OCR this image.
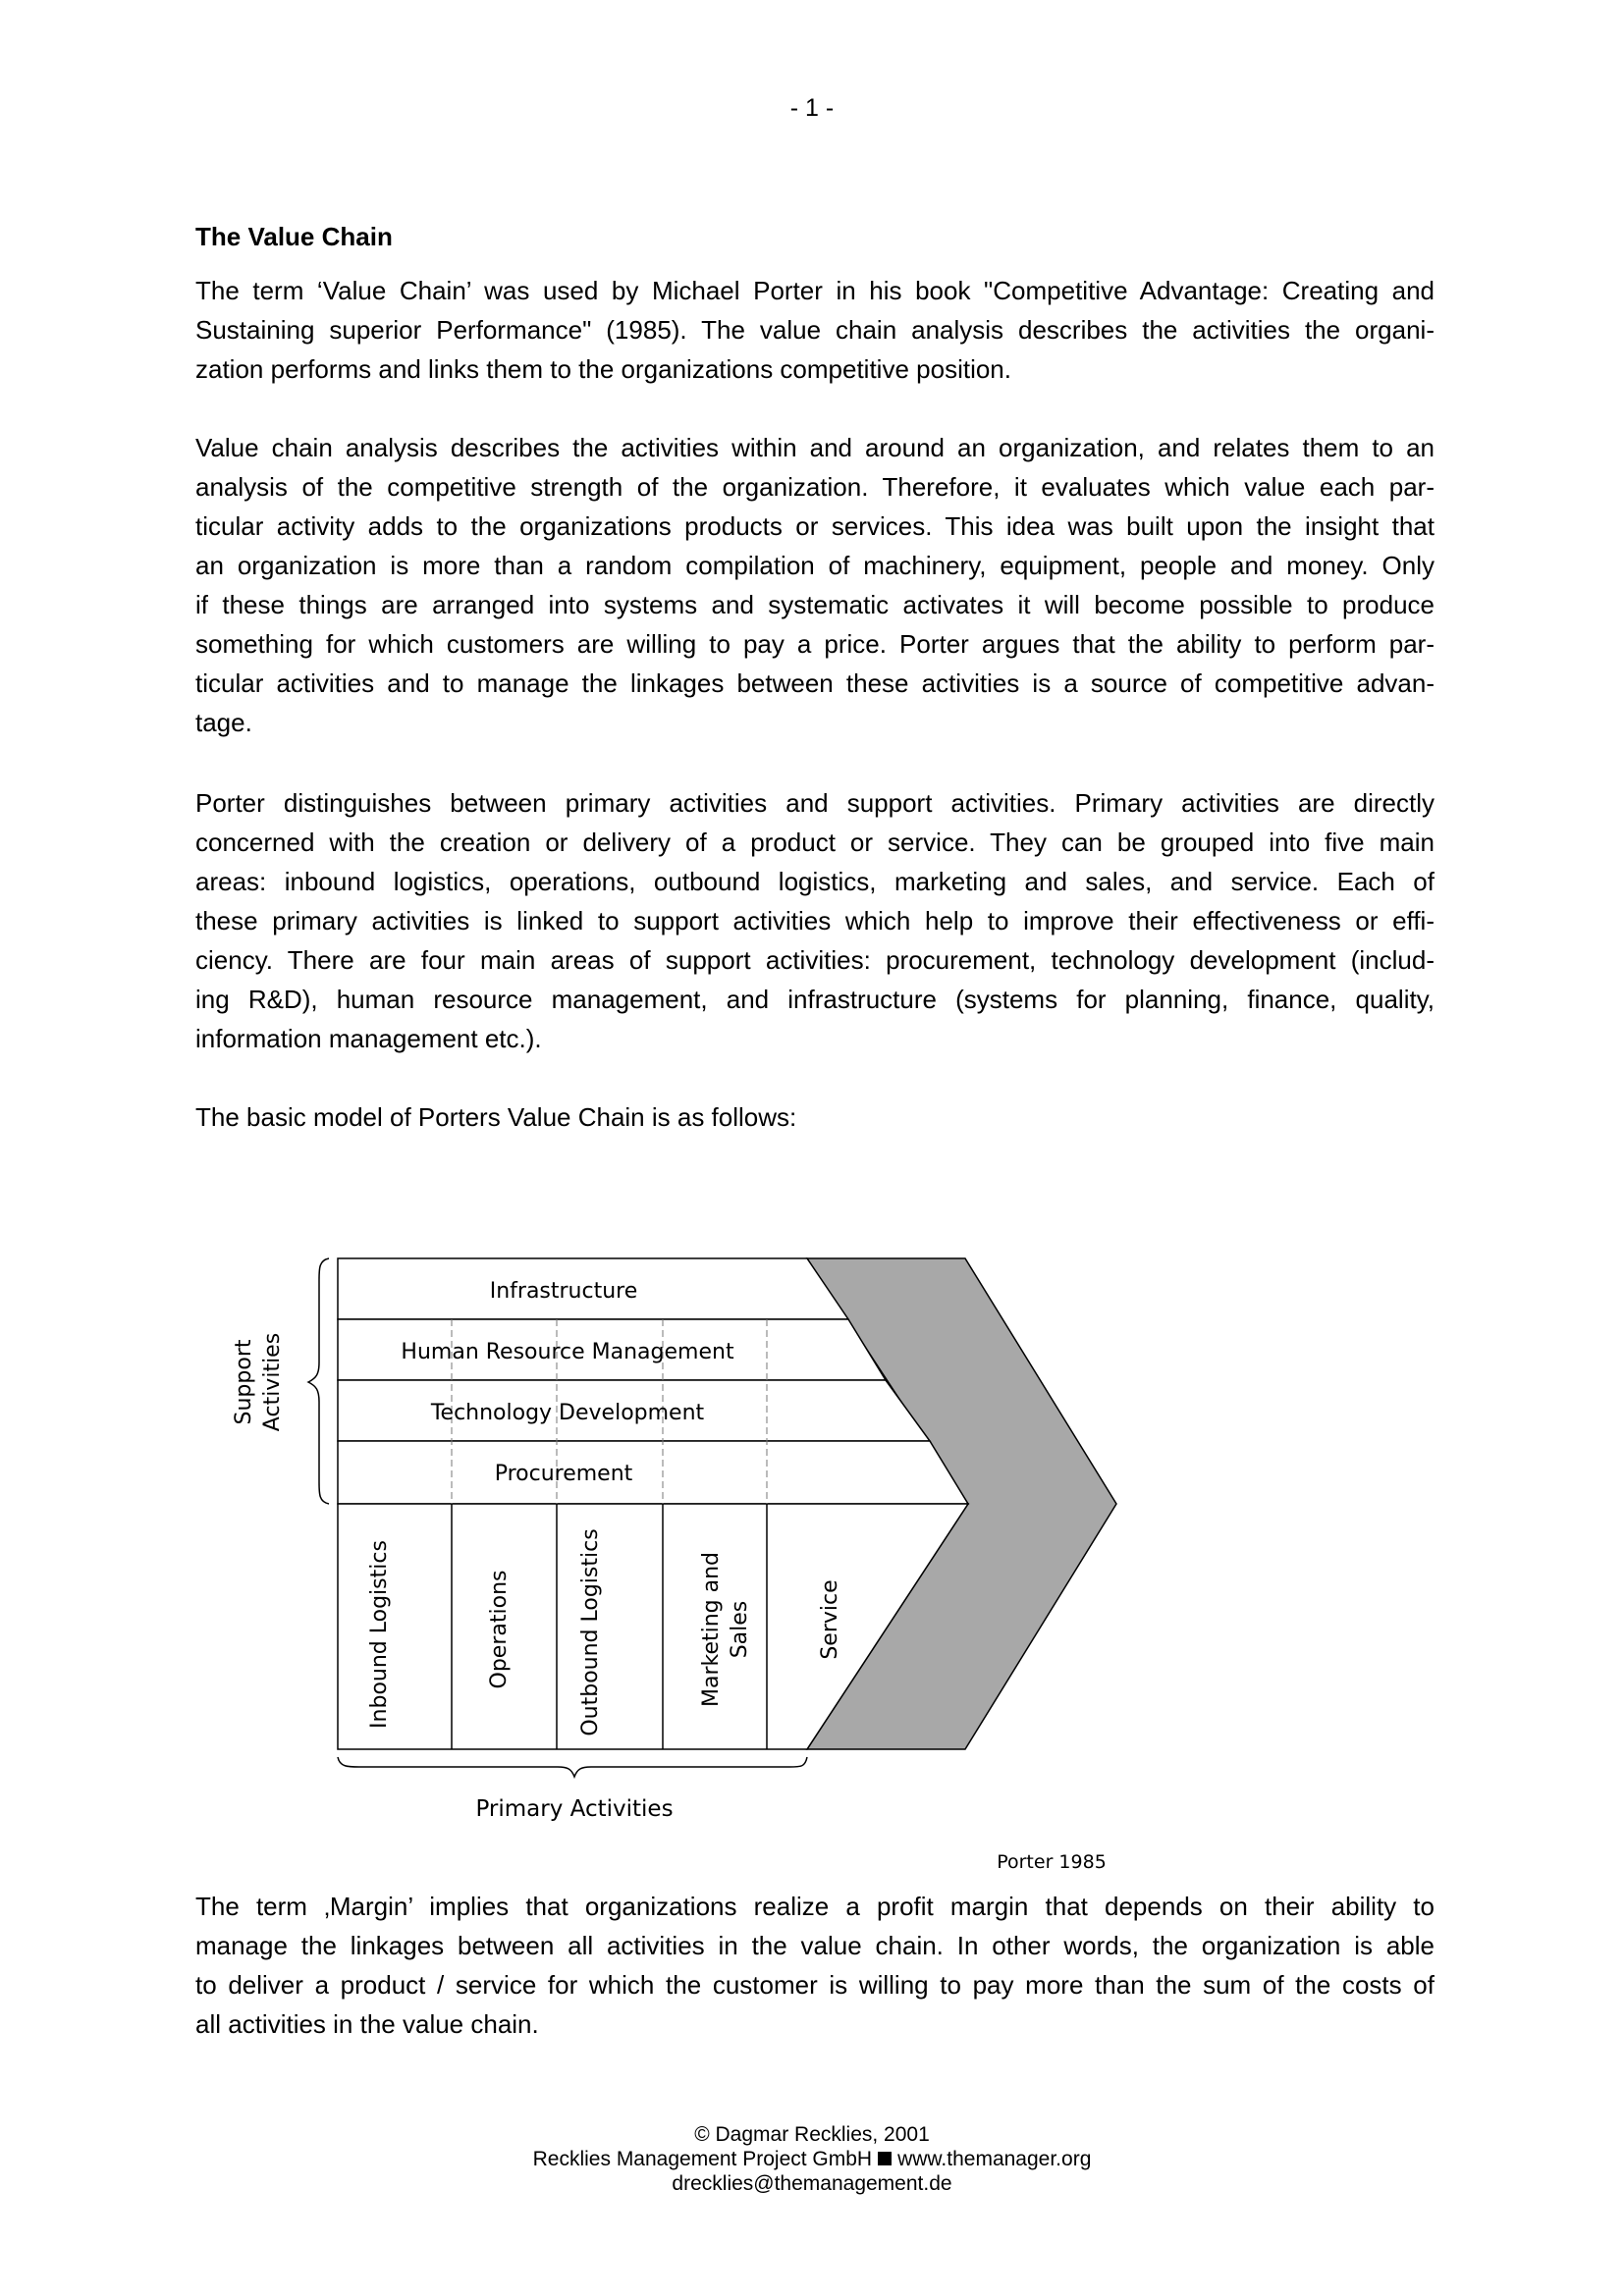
- 1 -
The Value Chain

The term ‘Value Chain’ was used by Michael Porter in his book "Competitive Advantage: Creating and
Sustaining superior Performance" (1985). The value chain analysis describes the activities the organi-
zation performs and links them to the organizations competitive position.

Value chain analysis describes the activities within and around an organization, and relates them to an
analysis of the competitive strength of the organization. Therefore, it evaluates which value each par-
ticular activity adds to the organizations products or services. This idea was built upon the insight that
an organization is more than a random compilation of machinery, equipment, people and money. Only
if these things are arranged into systems and systematic activates it will become possible to produce
something for which customers are willing to pay a price. Porter argues that the ability to perform par-
ticular activities and to manage the linkages between these activities is a source of competitive advan-
tage.

Porter distinguishes between primary activities and support activities. Primary activities are directly
concerned with the creation or delivery of a product or service. They can be grouped into five main
areas: inbound logistics, operations, outbound logistics, marketing and sales, and service. Each of
these primary activities is linked to support activities which help to improve their effectiveness or effi-
ciency. There are four main areas of support activities: procurement, technology development (includ-
ing R&D), human resource management, and infrastructure (systems for planning, finance, quality,
information management etc.).

The basic model of Porters Value Chain is as follows:

Infrastructure
Human Resource Management
Technology Development
Procurement
Inbound Logistics	Operations	Outbound Logistics	Marketing and Sales	Service
Support Activities
Primary Activities
Porter 1985

The term ‚Margin’ implies that organizations realize a profit margin that depends on their ability to
manage the linkages between all activities in the value chain. In other words, the organization is able
to deliver a product / service for which the customer is willing to pay more than the sum of the costs of
all activities in the value chain.

© Dagmar Recklies, 2001
Recklies Management Project GmbH www.themanager.org
drecklies@themanagement.de
